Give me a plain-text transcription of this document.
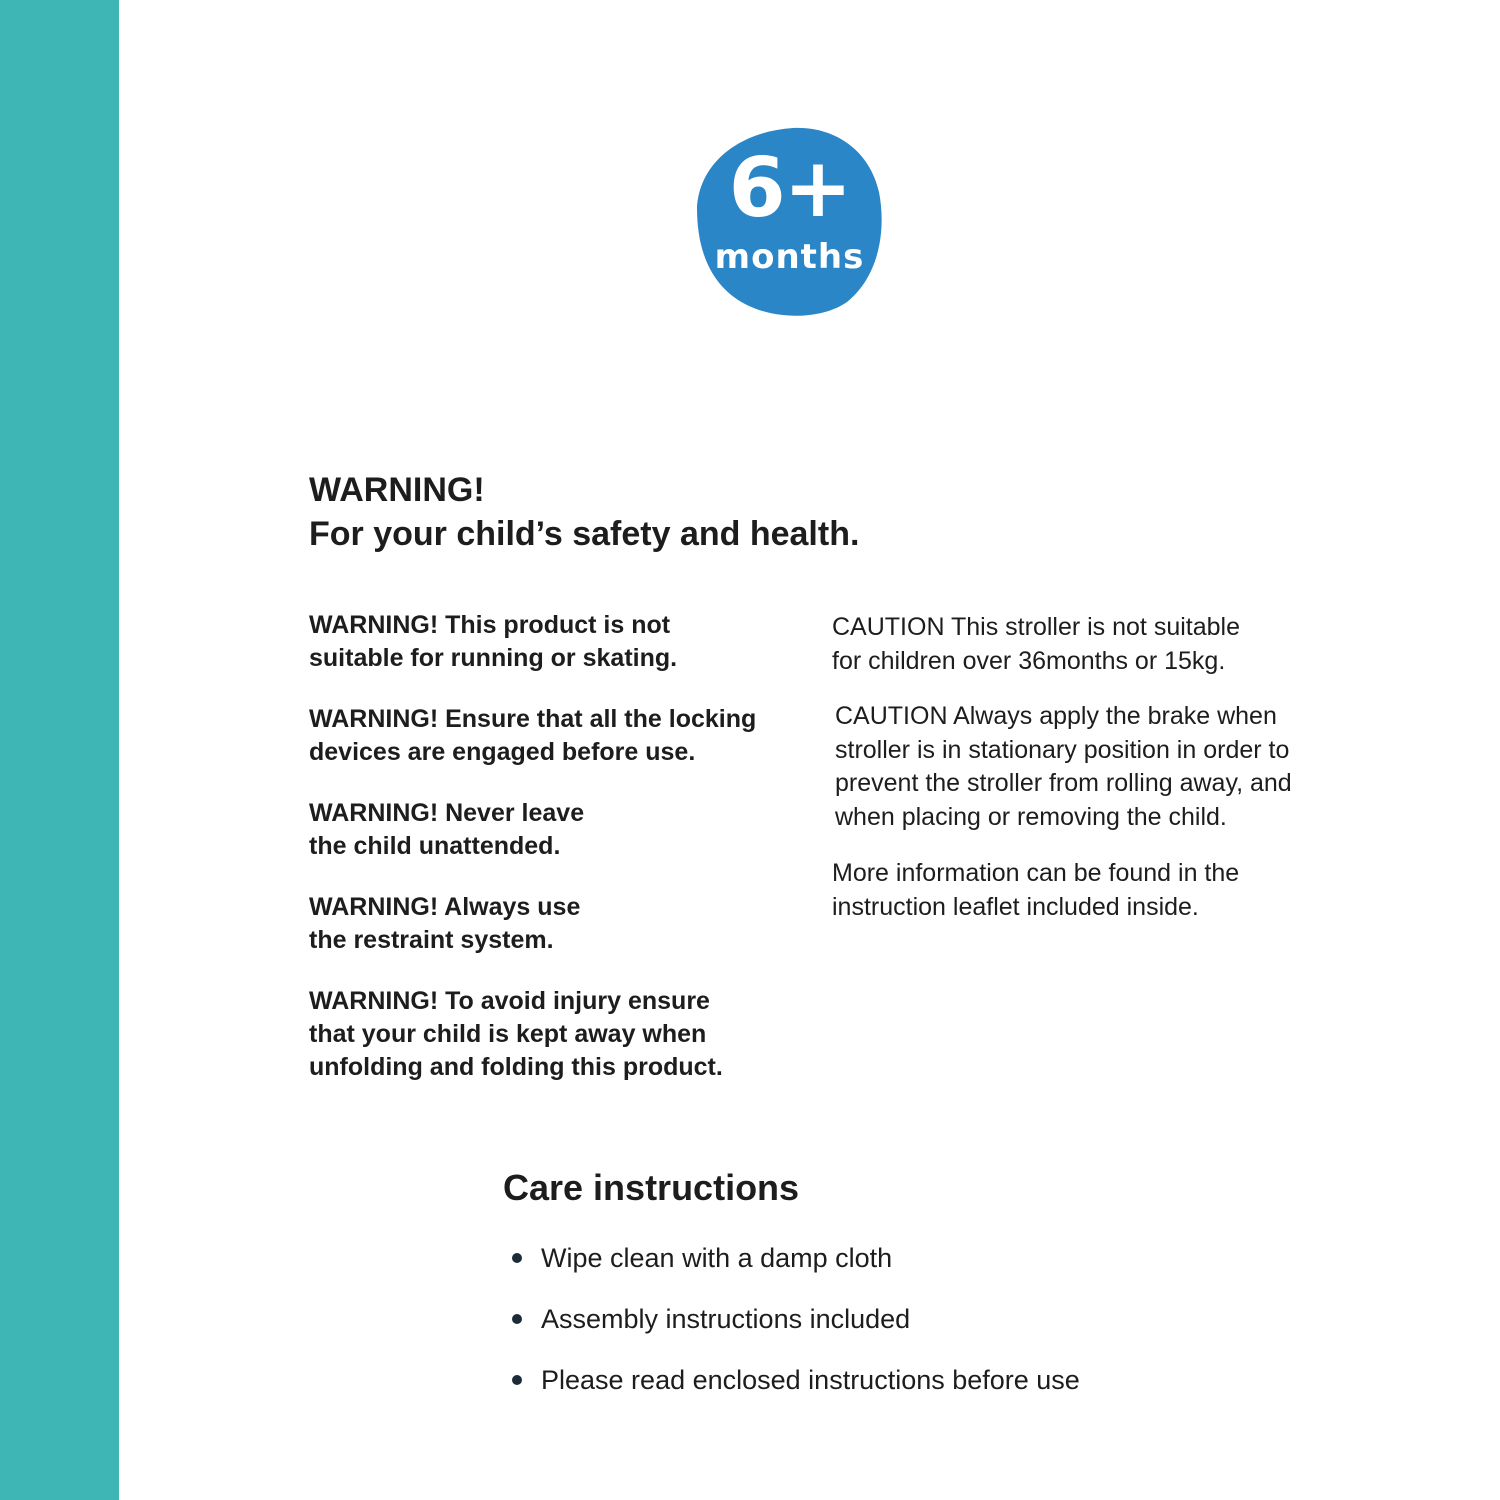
6+
months
WARNING!
For your child’s safety and health.

WARNING! This product is not
suitable for running or skating.

WARNING! Ensure that all the locking
devices are engaged before use.

WARNING! Never leave
the child unattended.

WARNING! Always use
the restraint system.

WARNING! To avoid injury ensure
that your child is kept away when
unfolding and folding this product.

CAUTION This stroller is not suitable
for children over 36months or 15kg.

CAUTION Always apply the brake when
stroller is in stationary position in order to
prevent the stroller from rolling away, and
when placing or removing the child.

More information can be found in the
instruction leaflet included inside.

Care instructions
Wipe clean with a damp cloth
Assembly instructions included
Please read enclosed instructions before use
